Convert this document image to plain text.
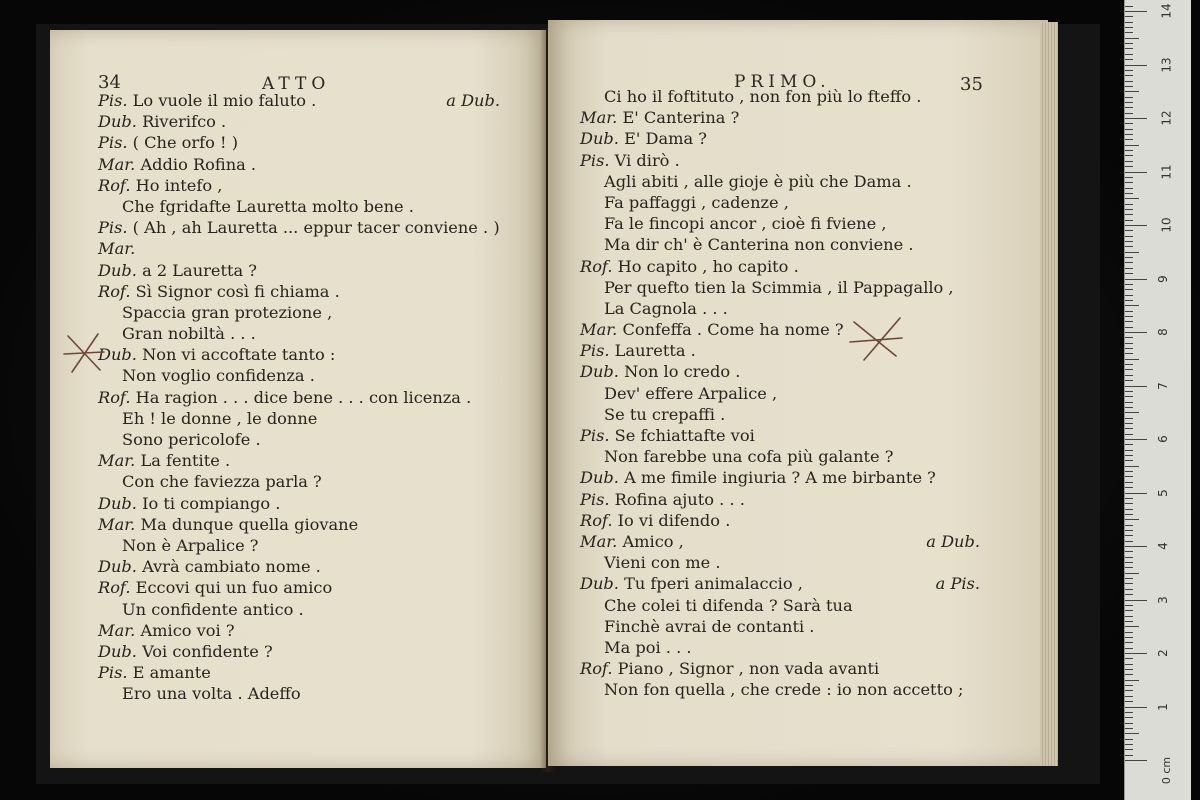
34	ATTO
Pis. Lo vuole il mio faluto .	a Dub.
Dub. Riverifco .
Pis. ( Che orfo ! )
Mar. Addio Rofina .
Rof. Ho intefo ,
Che fgridafte Lauretta molto bene .
Pis. ( Ah , ah Lauretta ... eppur tacer conviene . )
Mar.
Dub. a 2 Lauretta ?
Rof. Sì Signor così fi chiama .
Spaccia gran protezione ,
Gran nobiltà . . .
Dub. Non vi accoftate tanto :
Non voglio confidenza .
Rof. Ha ragion . . . dice bene . . . con licenza .
Eh ! le donne , le donne
Sono pericolofe .
Mar. La fentite .
Con che faviezza parla ?
Dub. Io ti compiango .
Mar. Ma dunque quella giovane
Non è Arpalice ?
Dub. Avrà cambiato nome .
Rof. Eccovi qui un fuo amico
Un confidente antico .
Mar. Amico voi ?
Dub. Voi confidente ?
Pis. E amante
Ero una volta . Adeffo
PRIMO.	35
Ci ho il foftituto , non fon più lo fteffo .
Mar. E' Canterina ?
Dub. E' Dama ?
Pis. Vi dirò .
Agli abiti , alle gioje è più che Dama .
Fa paffaggi , cadenze ,
Fa le fincopi ancor , cioè fi fviene ,
Ma dir ch' è Canterina non conviene .
Rof. Ho capito , ho capito .
Per quefto tien la Scimmia , il Pappagallo ,
La Cagnola . . .
Mar. Confeffa . Come ha nome ?
Pis. Lauretta .
Dub. Non lo credo .
Dev' effere Arpalice ,
Se tu crepaffi .
Pis. Se fchiattafte voi
Non farebbe una cofa più galante ?
Dub. A me fimile ingiuria ? A me birbante ?
Pis. Rofina ajuto . . .
Rof. Io vi difendo .
Mar. Amico ,	a Dub.
Vieni con me .
Dub. Tu fperi animalaccio ,	a Pis.
Che colei ti difenda ? Sarà tua
Finchè avrai de contanti .
Ma poi . . .
Rof. Piano , Signor , non vada avanti
Non fon quella , che crede : io non accetto ;
0 cm
1
2
3
4
5
6
7
8
9
10
11
12
13
14
